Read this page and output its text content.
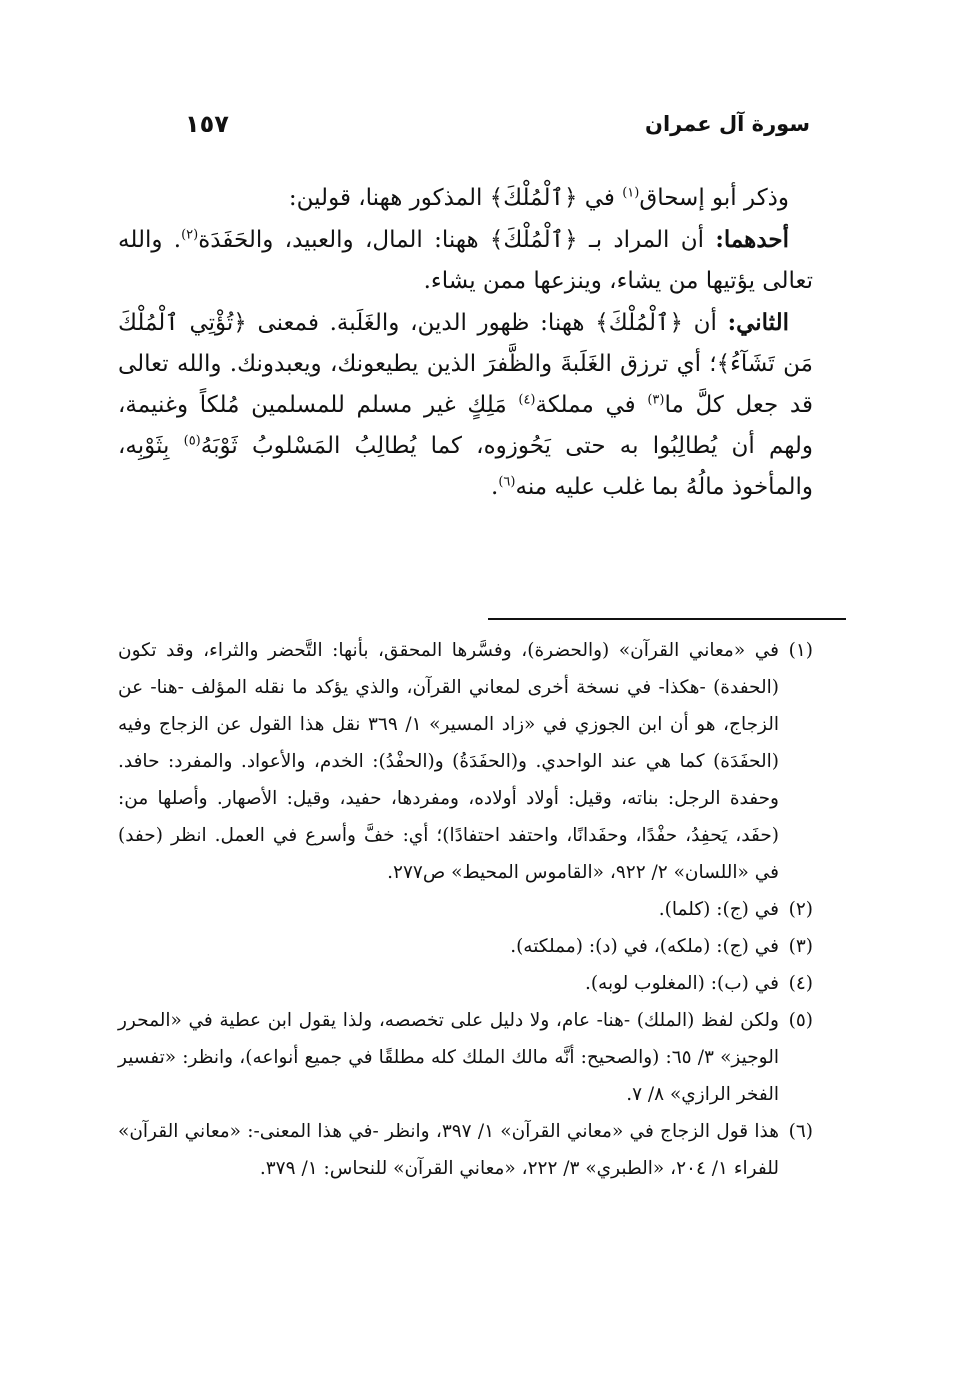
سورة آل عمران
١٥٧

وذكر أبو إسحاق$^{(١)}$ في ﴿ٱلْمُلْكَ﴾ المذكور ههنا، قولين:

أحدهما: أن المراد بـ ﴿ٱلْمُلْكَ﴾ ههنا: المال، والعبيد، والحَفَدَة$^{(٢)}$. والله تعالى يؤتيها من يشاء، وينزعها ممن يشاء.

الثاني: أن ﴿ٱلْمُلْكَ﴾ ههنا: ظهور الدين، والغَلَبة. فمعنى ﴿تُؤْتِي ٱلْمُلْكَ مَن تَشَآءُ﴾؛ أي ترزق الغَلَبةَ والظَّفرَ الذين يطيعونك، ويعبدونك. والله تعالى قد جعل كلَّ ما$^{(٣)}$ في مملكة$^{(٤)}$ مَلِكٍ غير مسلم للمسلمين مُلكاً وغنيمة، ولهم أن يُطالِبُوا به حتى يَحُوزوه، كما يُطالِبُ المَسْلوبُ ثَوْبَهُ$^{(٥)}$ بِثَوْبِه، والمأخوذ مالُهُ بما غلب عليه منه$^{(٦)}$.

(١)
في «معاني القرآن» (والحضرة)، وفسَّرها المحقق، بأنها: التَّحضر والثراء، وقد تكون (الحفدة) -هكذا- في نسخة أخرى لمعاني القرآن، والذي يؤكد ما نقله المؤلف -هنا- عن الزجاج، هو أن ابن الجوزي في «زاد المسير» ١/ ٣٦٩ نقل هذا القول عن الزجاج وفيه (الحفَدَة) كما هي عند الواحدي. و(الحفَدَةُ) و(الحفْدُ): الخدم، والأعواد. والمفرد: حافد. وحفدة الرجل: بناته، وقيل: أولاد أولاده، ومفردها، حفيد، وقيل: الأصهار. وأصلها من: (حفَد، يَحفِدُ، حفْدًا، وحفَدانًا، واحتفد احتفادًا)؛ أي: خفَّ وأسرع في العمل. انظر (حفد) في «اللسان» ٢/ ٩٢٢، «القاموس المحيط» ص٢٧٧.
(٢)
في (ج): (كلما).
(٣)
في (ج): (ملكه)، في (د): (مملكته).
(٤)
في (ب): (المغلوب لوبه).
(٥)
ولكن لفظ (الملك) -هنا- عام، ولا دليل على تخصصه، ولذا يقول ابن عطية في «المحرر الوجيز» ٣/ ٦٥: (والصحيح: أنَّه مالك الملك كله مطلقًا في جميع أنواعه)، وانظر: «تفسير الفخر الرازي» ٨/ ٧.
(٦)
هذا قول الزجاج في «معاني القرآن» ١/ ٣٩٧، وانظر -في هذا المعنى-: «معاني القرآن» للفراء ١/ ٢٠٤، «الطبري» ٣/ ٢٢٢، «معاني القرآن» للنحاس: ١/ ٣٧٩.
